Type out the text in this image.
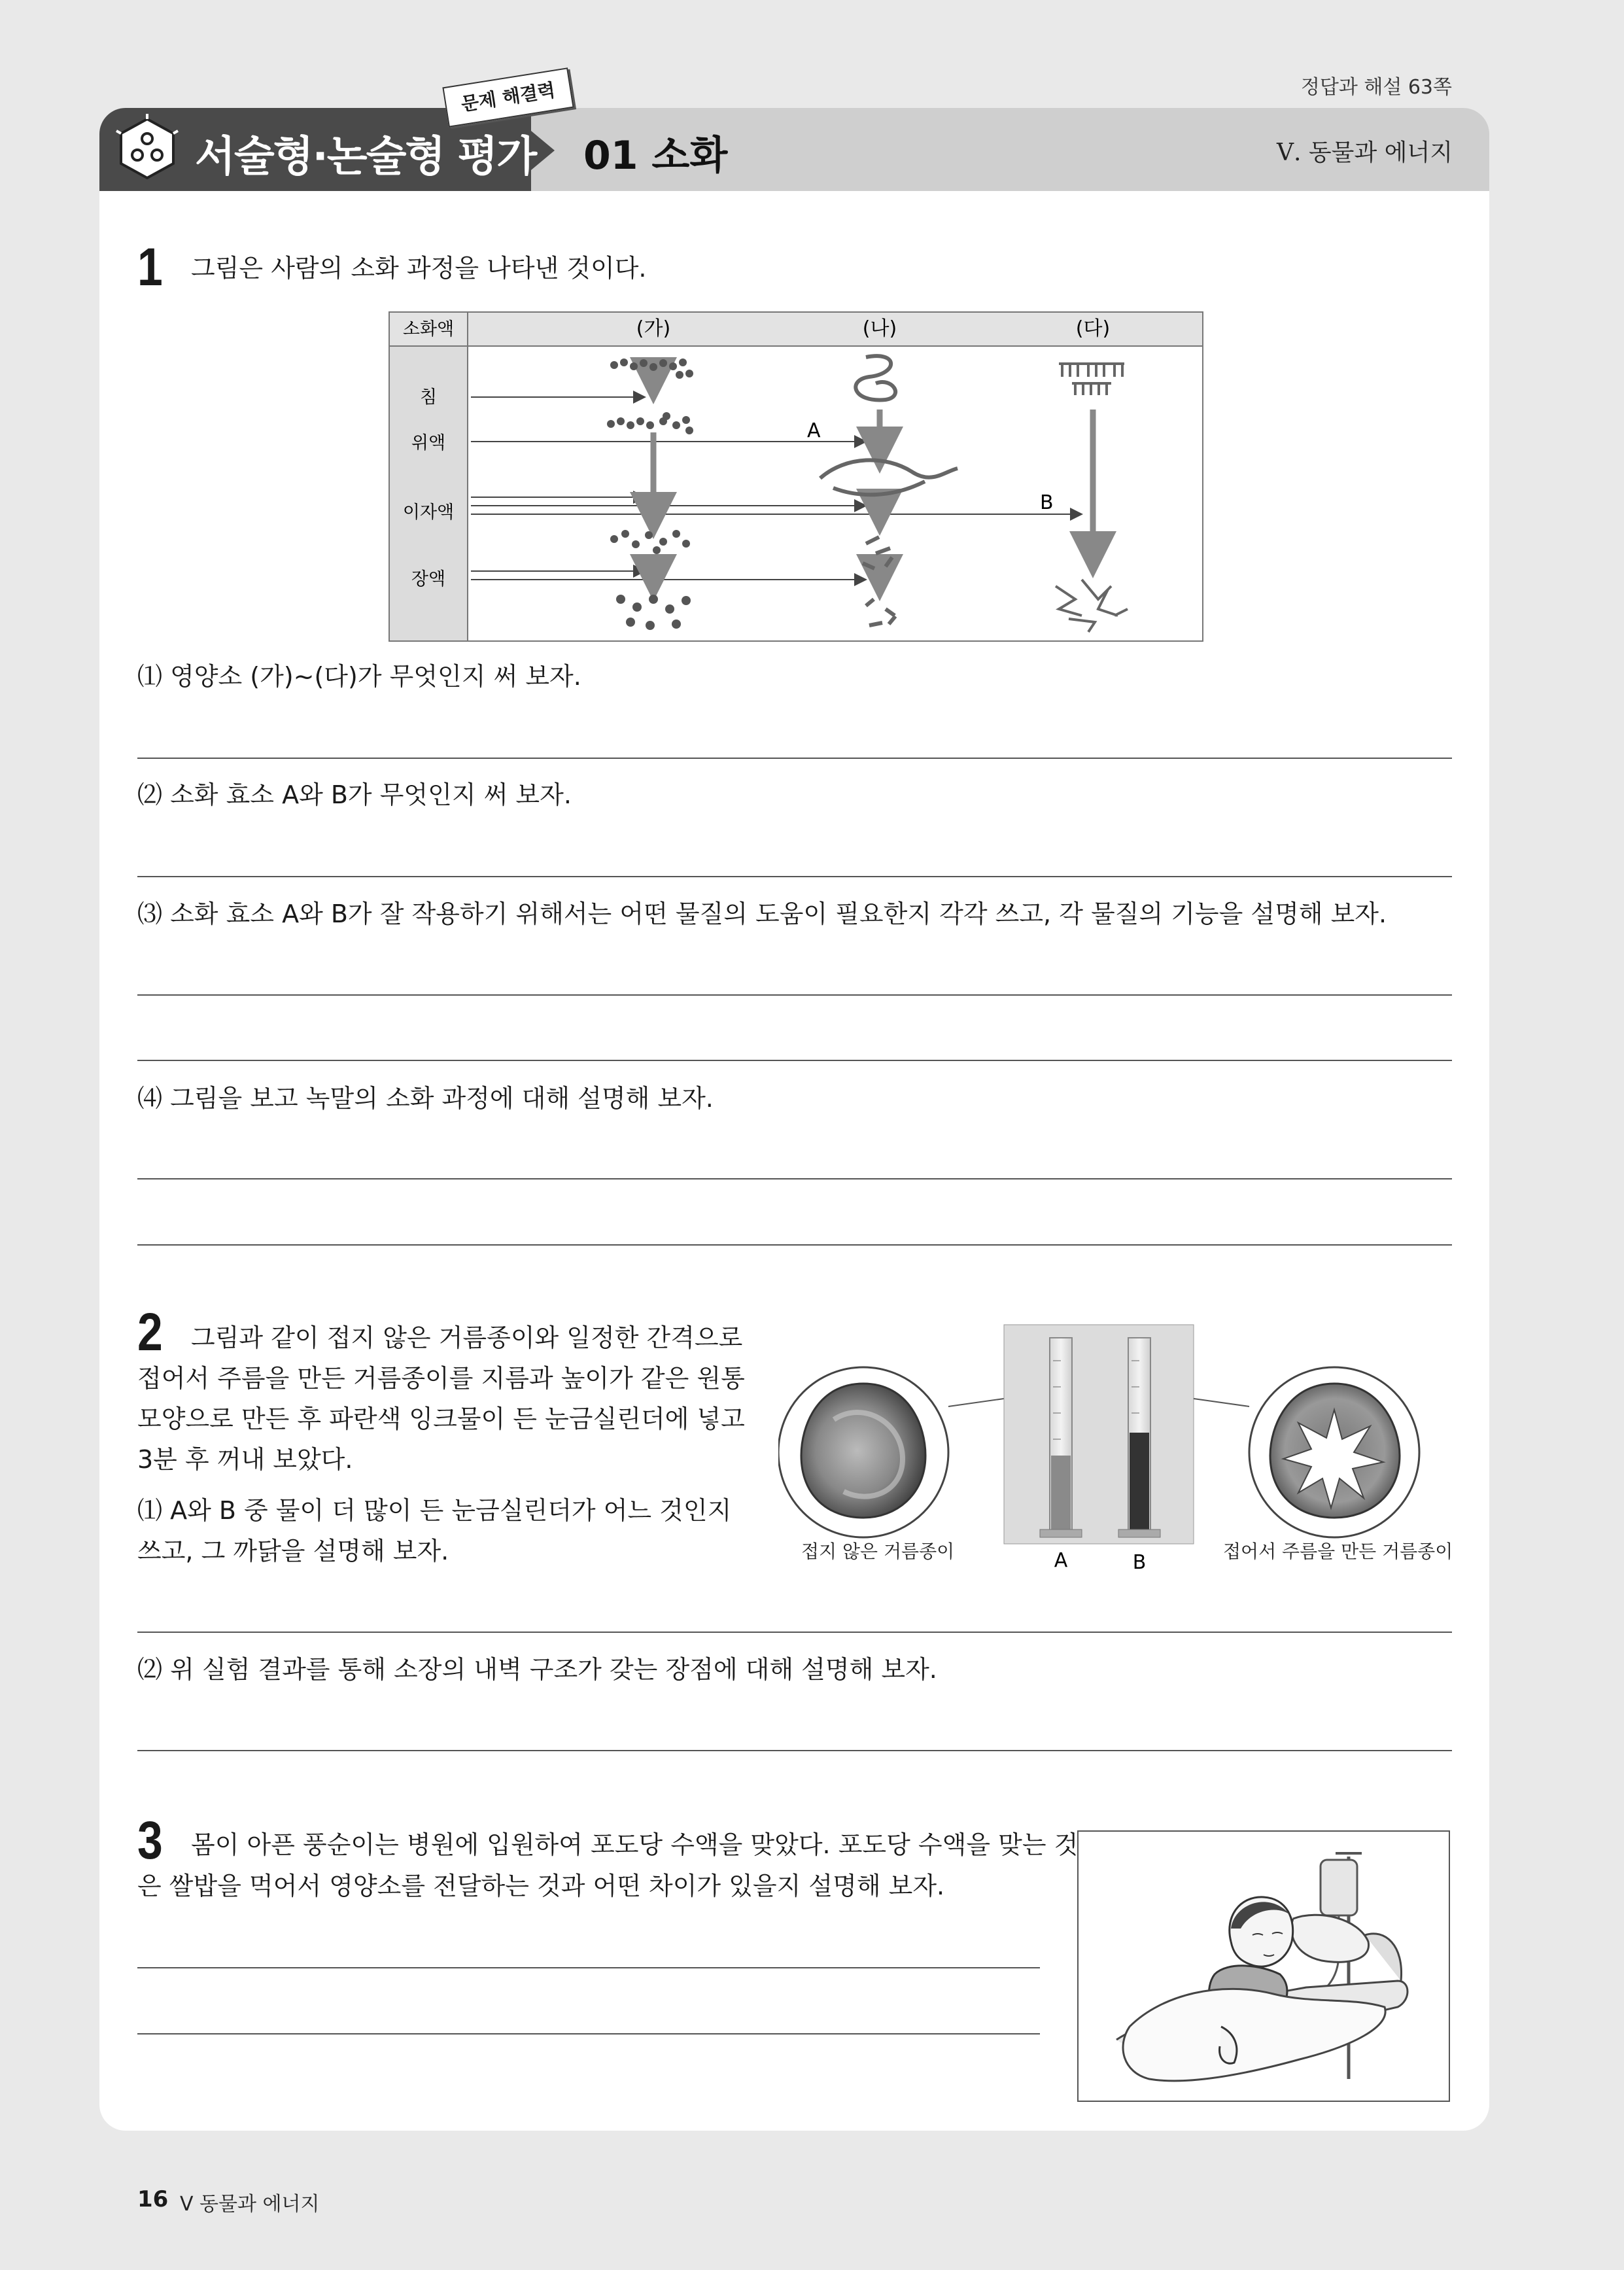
정답과 해설 63쪽
서술형·논술형 평가
문제 해결력
01 소화	Ⅴ. 동물과 에너지
1 그림은 사람의 소화 과정을 나타낸 것이다.
소화액	(가)	(나)	(다)
침
위액
이자액
장액
A
B
⑴ 영양소 (가)~(다)가 무엇인지 써 보자.
⑵ 소화 효소 A와 B가 무엇인지 써 보자.
⑶ 소화 효소 A와 B가 잘 작용하기 위해서는 어떤 물질의 도움이 필요한지 각각 쓰고, 각 물질의 기능을 설명해 보자.
⑷ 그림을 보고 녹말의 소화 과정에 대해 설명해 보자.
2 그림과 같이 접지 않은 거름종이와 일정한 간격으로
접어서 주름을 만든 거름종이를 지름과 높이가 같은 원통
모양으로 만든 후 파란색 잉크물이 든 눈금실린더에 넣고
3분 후 꺼내 보았다.
⑴ A와 B 중 물이 더 많이 든 눈금실린더가 어느 것인지
쓰고, 그 까닭을 설명해 보자.	A	B
접지 않은 거름종이	접어서 주름을 만든 거름종이
⑵ 위 실험 결과를 통해 소장의 내벽 구조가 갖는 장점에 대해 설명해 보자.
3 몸이 아픈 풍순이는 병원에 입원하여 포도당 수액을 맞았다. 포도당 수액을 맞는 것
은 쌀밥을 먹어서 영양소를 전달하는 것과 어떤 차이가 있을지 설명해 보자.
16 Ⅴ 동물과 에너지
